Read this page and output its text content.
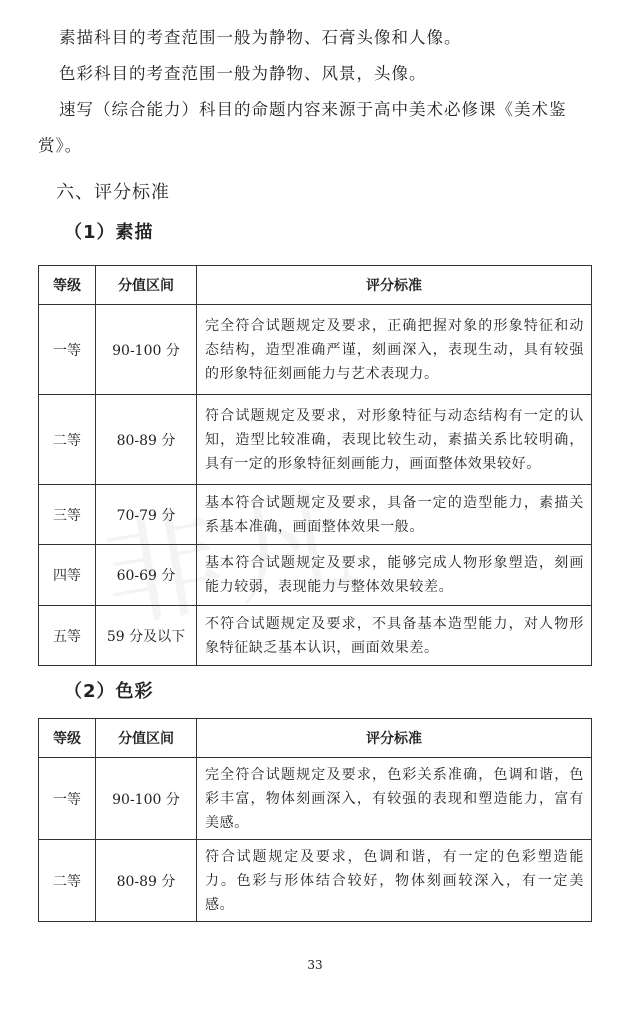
素描科目的考查范围一般为静物、石膏头像和人像。
色彩科目的考查范围一般为静物、风景，头像。
速写（综合能力）科目的命题内容来源于高中美术必修课《美术鉴赏》。
六、评分标准
（1）素描
等级	分值区间	评分标准
一等	90-100 分	完全符合试题规定及要求，正确把握对象的形象特征和动态结构，造型准确严谨，刻画深入，表现生动，具有较强的形象特征刻画能力与艺术表现力。
二等	80-89 分	符合试题规定及要求，对形象特征与动态结构有一定的认知，造型比较准确，表现比较生动，素描关系比较明确，具有一定的形象特征刻画能力，画面整体效果较好。
三等	70-79 分	基本符合试题规定及要求，具备一定的造型能力，素描关系基本准确，画面整体效果一般。
四等	60-69 分	基本符合试题规定及要求，能够完成人物形象塑造，刻画能力较弱，表现能力与整体效果较差。
五等	59 分及以下	不符合试题规定及要求，不具备基本造型能力，对人物形象特征缺乏基本认识，画面效果差。
（2）色彩
等级	分值区间	评分标准
一等	90-100 分	完全符合试题规定及要求，色彩关系准确，色调和谐，色彩丰富，物体刻画深入，有较强的表现和塑造能力，富有美感。
二等	80-89 分	符合试题规定及要求，色调和谐，有一定的色彩塑造能力。色彩与形体结合较好，物体刻画较深入，有一定美感。
33
